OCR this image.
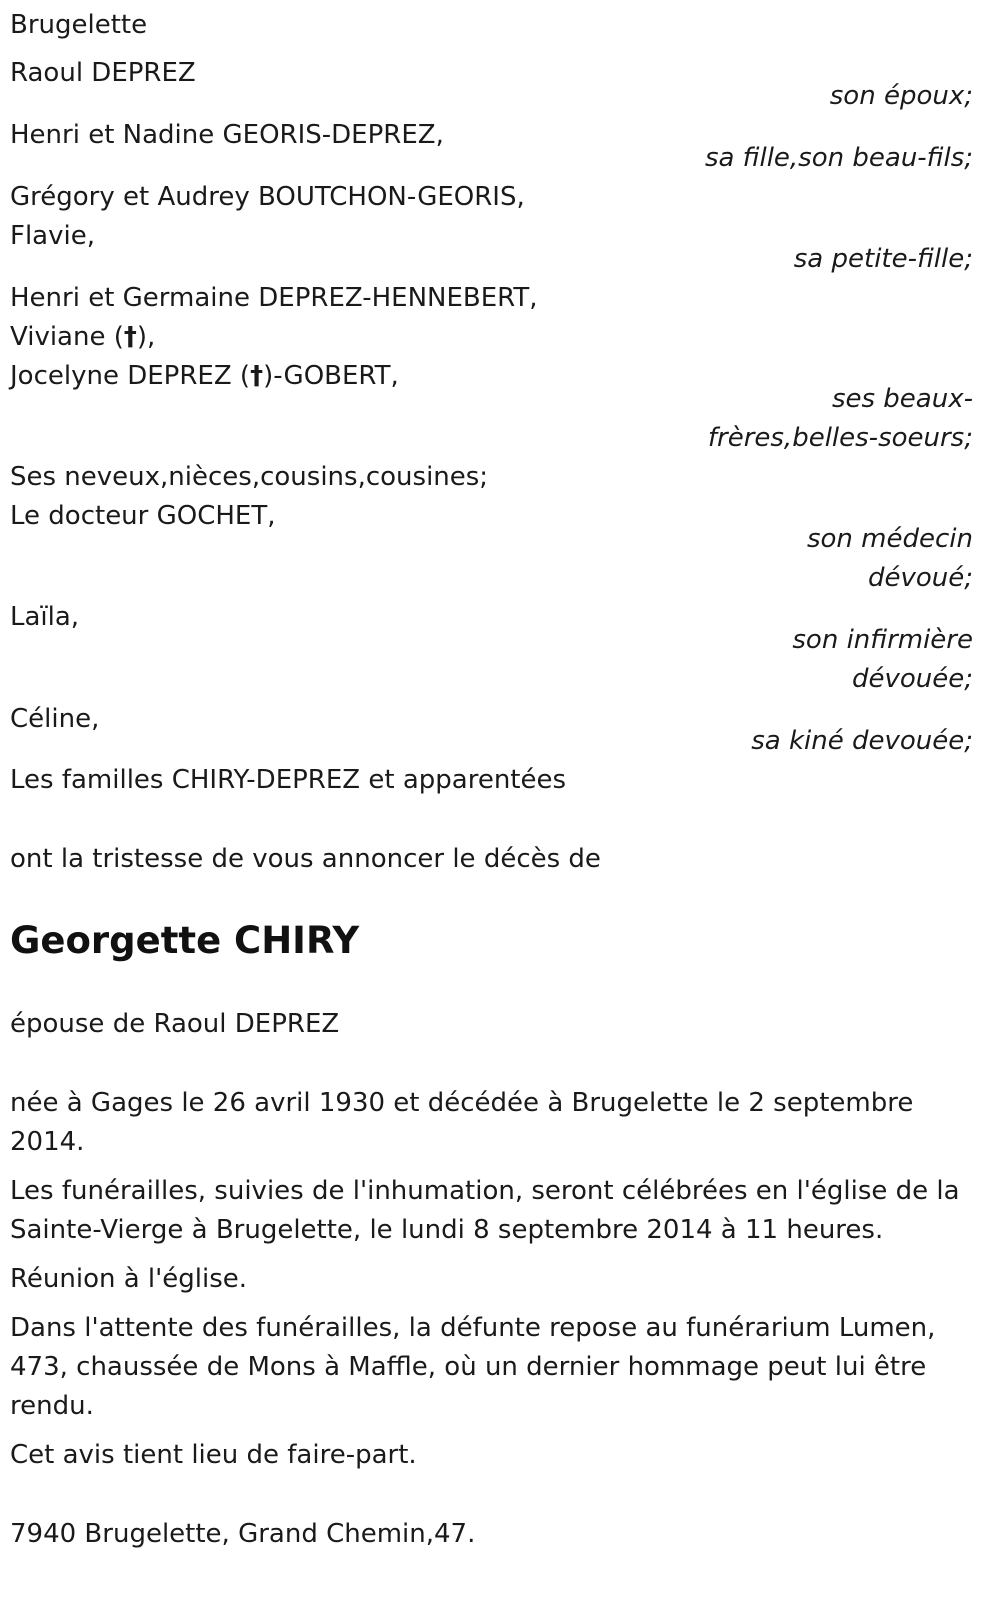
Brugelette

Raoul DEPREZ

son époux;

Henri et Nadine GEORIS-DEPREZ,

sa fille,son beau-fils;

Grégory et Audrey BOUTCHON-GEORIS,

Flavie,

sa petite-fille;

Henri et Germaine DEPREZ-HENNEBERT,

Viviane (†),

Jocelyne DEPREZ (†)-GOBERT,

ses beaux-

frères,belles-soeurs;

Ses neveux,nièces,cousins,cousines;

Le docteur GOCHET,

son médecin

dévoué;

Laïla,

son infirmière

dévouée;

Céline,

sa kiné devouée;

Les familles CHIRY-DEPREZ et apparentées

ont la tristesse de vous annoncer le décès de

Georgette CHIRY

épouse de Raoul DEPREZ

née à Gages le 26 avril 1930 et décédée à Brugelette le 2 septembre

2014.

Les funérailles, suivies de l'inhumation, seront célébrées en l'église de la

Sainte-Vierge à Brugelette, le lundi 8 septembre 2014 à 11 heures.

Réunion à l'église.

Dans l'attente des funérailles, la défunte repose au funérarium Lumen,

473, chaussée de Mons à Maffle, où un dernier hommage peut lui être

rendu.

Cet avis tient lieu de faire-part.

7940 Brugelette, Grand Chemin,47.
